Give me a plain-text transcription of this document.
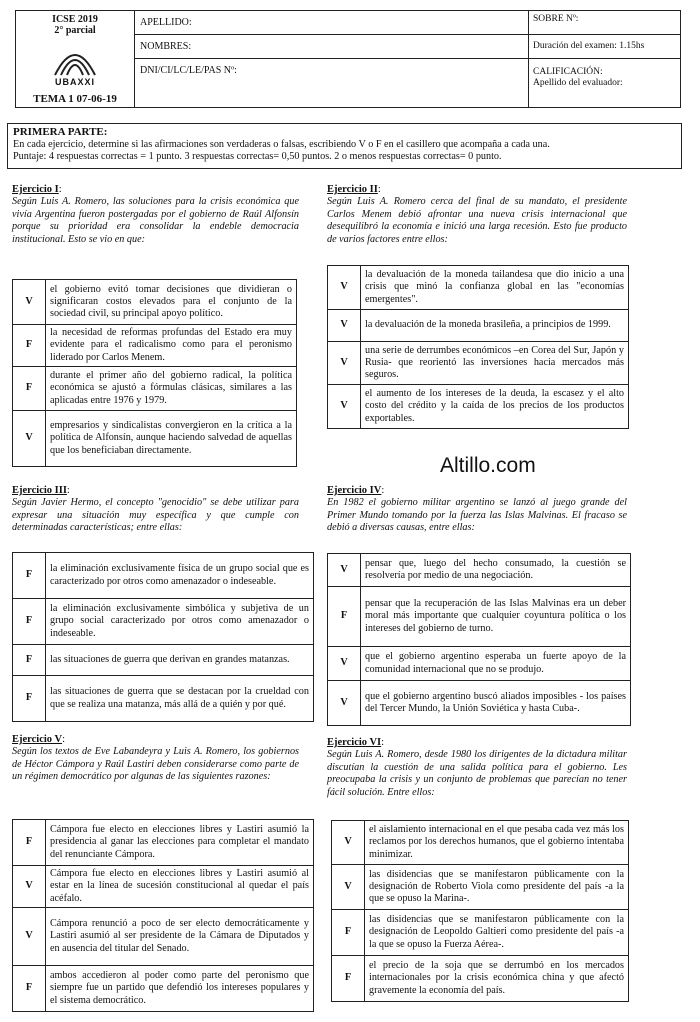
ICSE 2019
2° parcial
UBAXXI
TEMA 1 07-06-19
APELLIDO:
NOMBRES:
DNI/CI/LC/LE/PAS Nº:
SOBRE Nº:
Duración del examen: 1.15hs
CALIFICACIÓN:
Apellido del evaluador:
PRIMERA PARTE:
En cada ejercicio, determine si las afirmaciones son verdaderas o falsas, escribiendo V o F en el casillero que acompaña a cada una.
Puntaje: 4 respuestas correctas = 1 punto. 3 respuestas correctas= 0,50 puntos. 2 o menos respuestas correctas= 0 punto.
Ejercicio I:

Según Luis A. Romero, las soluciones para la crisis económica que vivía Argentina fueron postergadas por el gobierno de Raúl Alfonsín porque su prioridad era consolidar la endeble democracia institucional. Esto se vio en que:

V	el gobierno evitó tomar decisiones que dividieran o significaran costos elevados para el conjunto de la sociedad civil, su principal apoyo político.
F	la necesidad de reformas profundas del Estado era muy evidente para el radicalismo como para el peronismo liderado por Carlos Menem.
F	durante el primer año del gobierno radical, la política económica se ajustó a fórmulas clásicas, similares a las aplicadas entre 1976 y 1979.
V	empresarios y sindicalistas convergieron en la crítica a la política de Alfonsín, aunque haciendo salvedad de aquellas que los beneficiaban directamente.
Ejercicio II:

Según Luis A. Romero cerca del final de su mandato, el presidente Carlos Menem debió afrontar una nueva crisis internacional que desequilibró la economía e inició una larga recesión. Esto fue producto de varios factores entre ellos:

V	la devaluación de la moneda tailandesa que dio inicio a una crisis que minó la confianza global en las "economías emergentes".
V	la devaluación de la moneda brasileña, a principios de 1999.
V	una serie de derrumbes económicos –en Corea del Sur, Japón y Rusia- que reorientó las inversiones hacia mercados más seguros.
V	el aumento de los intereses de la deuda, la escasez y el alto costo del crédito y la caída de los precios de los productos exportables.
Altillo.com
Ejercicio III:

Según Javier Hermo, el concepto "genocidio" se debe utilizar para expresar una situación muy específica y que cumple con determinadas características; entre ellas:

F	la eliminación exclusivamente física de un grupo social que es caracterizado por otros como amenazador o indeseable.
F	la eliminación exclusivamente simbólica y subjetiva de un grupo social caracterizado por otros como amenazador o indeseable.
F	las situaciones de guerra que derivan en grandes matanzas.
F	las situaciones de guerra que se destacan por la crueldad con que se realiza una matanza, más allá de a quién y por qué.
Ejercicio IV:

En 1982 el gobierno militar argentino se lanzó al juego grande del Primer Mundo tomando por la fuerza las Islas Malvinas. El fracaso se debió a diversas causas, entre ellas:

V	pensar que, luego del hecho consumado, la cuestión se resolvería por medio de una negociación.
F	pensar que la recuperación de las Islas Malvinas era un deber moral más importante que cualquier coyuntura política o los intereses del gobierno de turno.
V	que el gobierno argentino esperaba un fuerte apoyo de la comunidad internacional que no se produjo.
V	que el gobierno argentino buscó aliados imposibles - los países del Tercer Mundo, la Unión Soviética y hasta Cuba-.
Ejercicio V:

Según los textos de Eve Labandeyra y Luis A. Romero, los gobiernos de Héctor Cámpora y Raúl Lastiri deben considerarse como parte de un régimen democrático por algunas de las siguientes razones:

F	Cámpora fue electo en elecciones libres y Lastiri asumió la presidencia al ganar las elecciones para completar el mandato del renunciante Cámpora.
V	Cámpora fue electo en elecciones libres y Lastiri asumió al estar en la línea de sucesión constitucional al quedar el país acéfalo.
V	Cámpora renunció a poco de ser electo democráticamente y Lastiri asumió al ser presidente de la Cámara de Diputados y en ausencia del titular del Senado.
F	ambos accedieron al poder como parte del peronismo que siempre fue un partido que defendió los intereses populares y el sistema democrático.
Ejercicio VI:

Según Luis A. Romero, desde 1980 los dirigentes de la dictadura militar discutían la cuestión de una salida política para el gobierno. Les preocupaba la crisis y un conjunto de problemas que parecían no tener fácil solución. Entre ellos:

V	el aislamiento internacional en el que pesaba cada vez más los reclamos por los derechos humanos, que el gobierno intentaba minimizar.
V	las disidencias que se manifestaron públicamente con la designación de Roberto Viola como presidente del país -a la que se opuso la Marina-.
F	las disidencias que se manifestaron públicamente con la designación de Leopoldo Galtieri como presidente del país -a la que se opuso la Fuerza Aérea-.
F	el precio de la soja que se derrumbó en los mercados internacionales por la crisis económica china y que afectó gravemente la economía del país.
